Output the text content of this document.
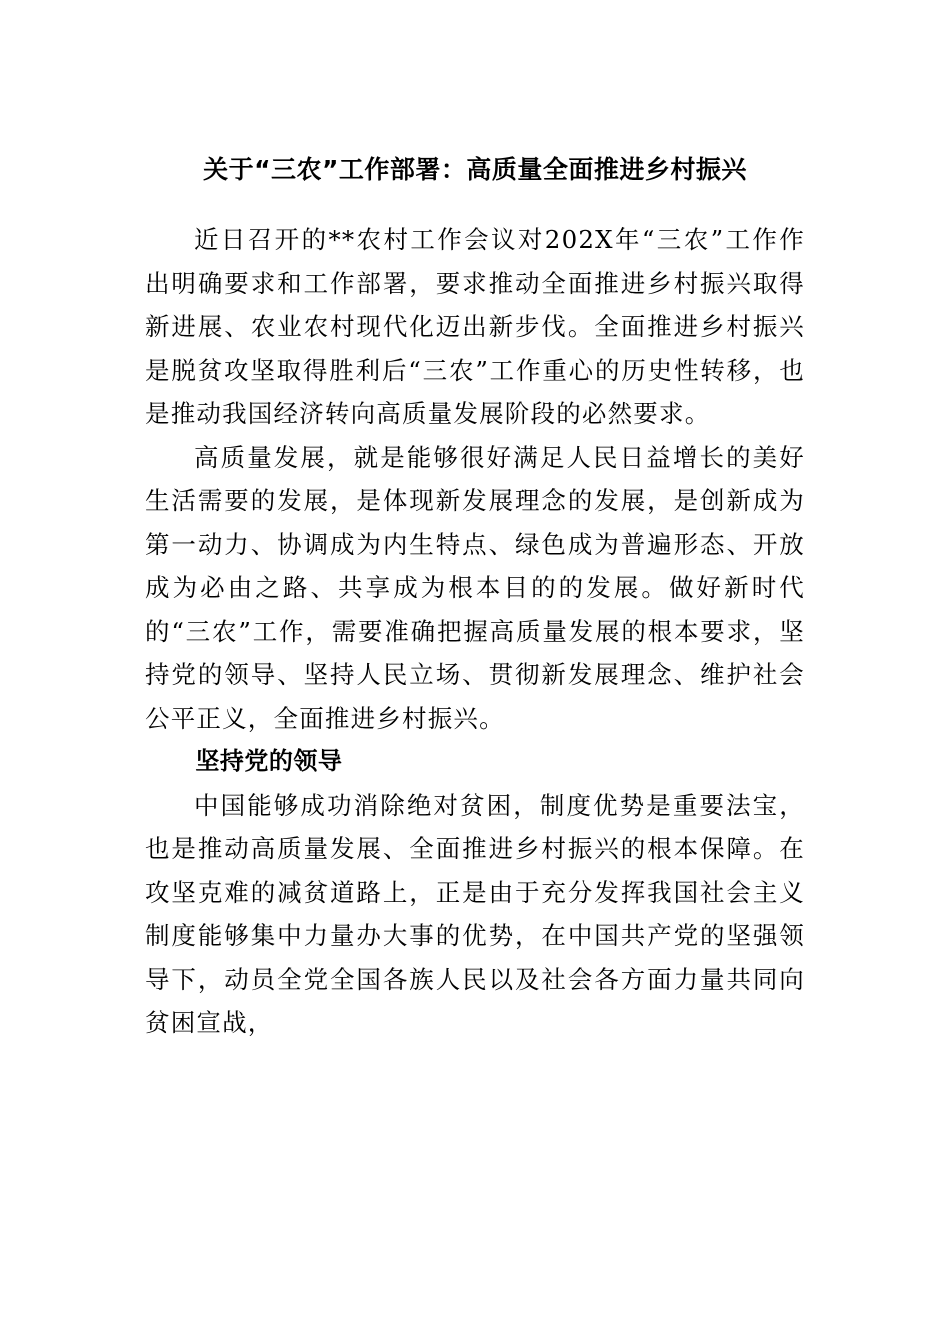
关于“三农”工作部署：高质量全面推进乡村振兴

近日召开的**农村工作会议对202X年“三农”工作作出明确要求和工作部署，要求推动全面推进乡村振兴取得新进展、农业农村现代化迈出新步伐。全面推进乡村振兴是脱贫攻坚取得胜利后“三农”工作重心的历史性转移，也是推动我国经济转向高质量发展阶段的必然要求。

高质量发展，就是能够很好满足人民日益增长的美好生活需要的发展，是体现新发展理念的发展，是创新成为第一动力、协调成为内生特点、绿色成为普遍形态、开放成为必由之路、共享成为根本目的的发展。做好新时代的“三农”工作，需要准确把握高质量发展的根本要求，坚持党的领导、坚持人民立场、贯彻新发展理念、维护社会公平正义，全面推进乡村振兴。

坚持党的领导

中国能够成功消除绝对贫困，制度优势是重要法宝，也是推动高质量发展、全面推进乡村振兴的根本保障。在攻坚克难的减贫道路上，正是由于充分发挥我国社会主义制度能够集中力量办大事的优势，在中国共产党的坚强领导下，动员全党全国各族人民以及社会各方面力量共同向贫困宣战，
